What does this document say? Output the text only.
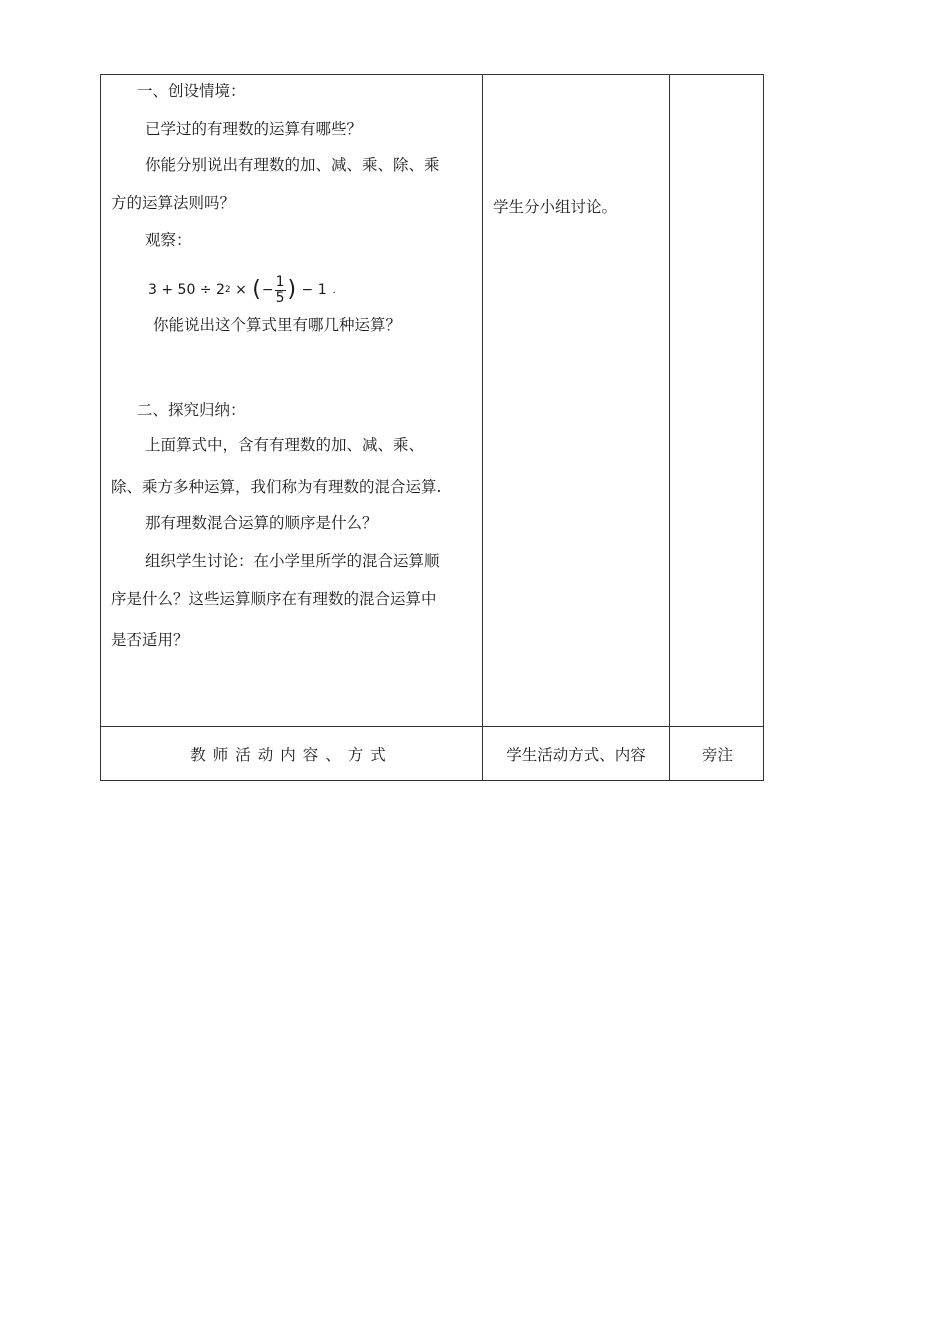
一、创设情境：
已学过的有理数的运算有哪些？
你能分别说出有理数的加、减、乘、除、乘
方的运算法则吗？
观察：
3 + 50 ÷ 2 2 × ( − $\frac{1}{5}$ ) − 1 .
你能说出这个算式里有哪几种运算？
二、探究归纳：
上面算式中，含有有理数的加、减、乘、
除、乘方多种运算，我们称为有理数的混合运算.
那有理数混合运算的顺序是什么？
组织学生讨论：在小学里所学的混合运算顺
序是什么？这些运算顺序在有理数的混合运算中
是否适用？
学生分小组讨论。
教师活动内容、方式	学生活动方式、内容	旁注
